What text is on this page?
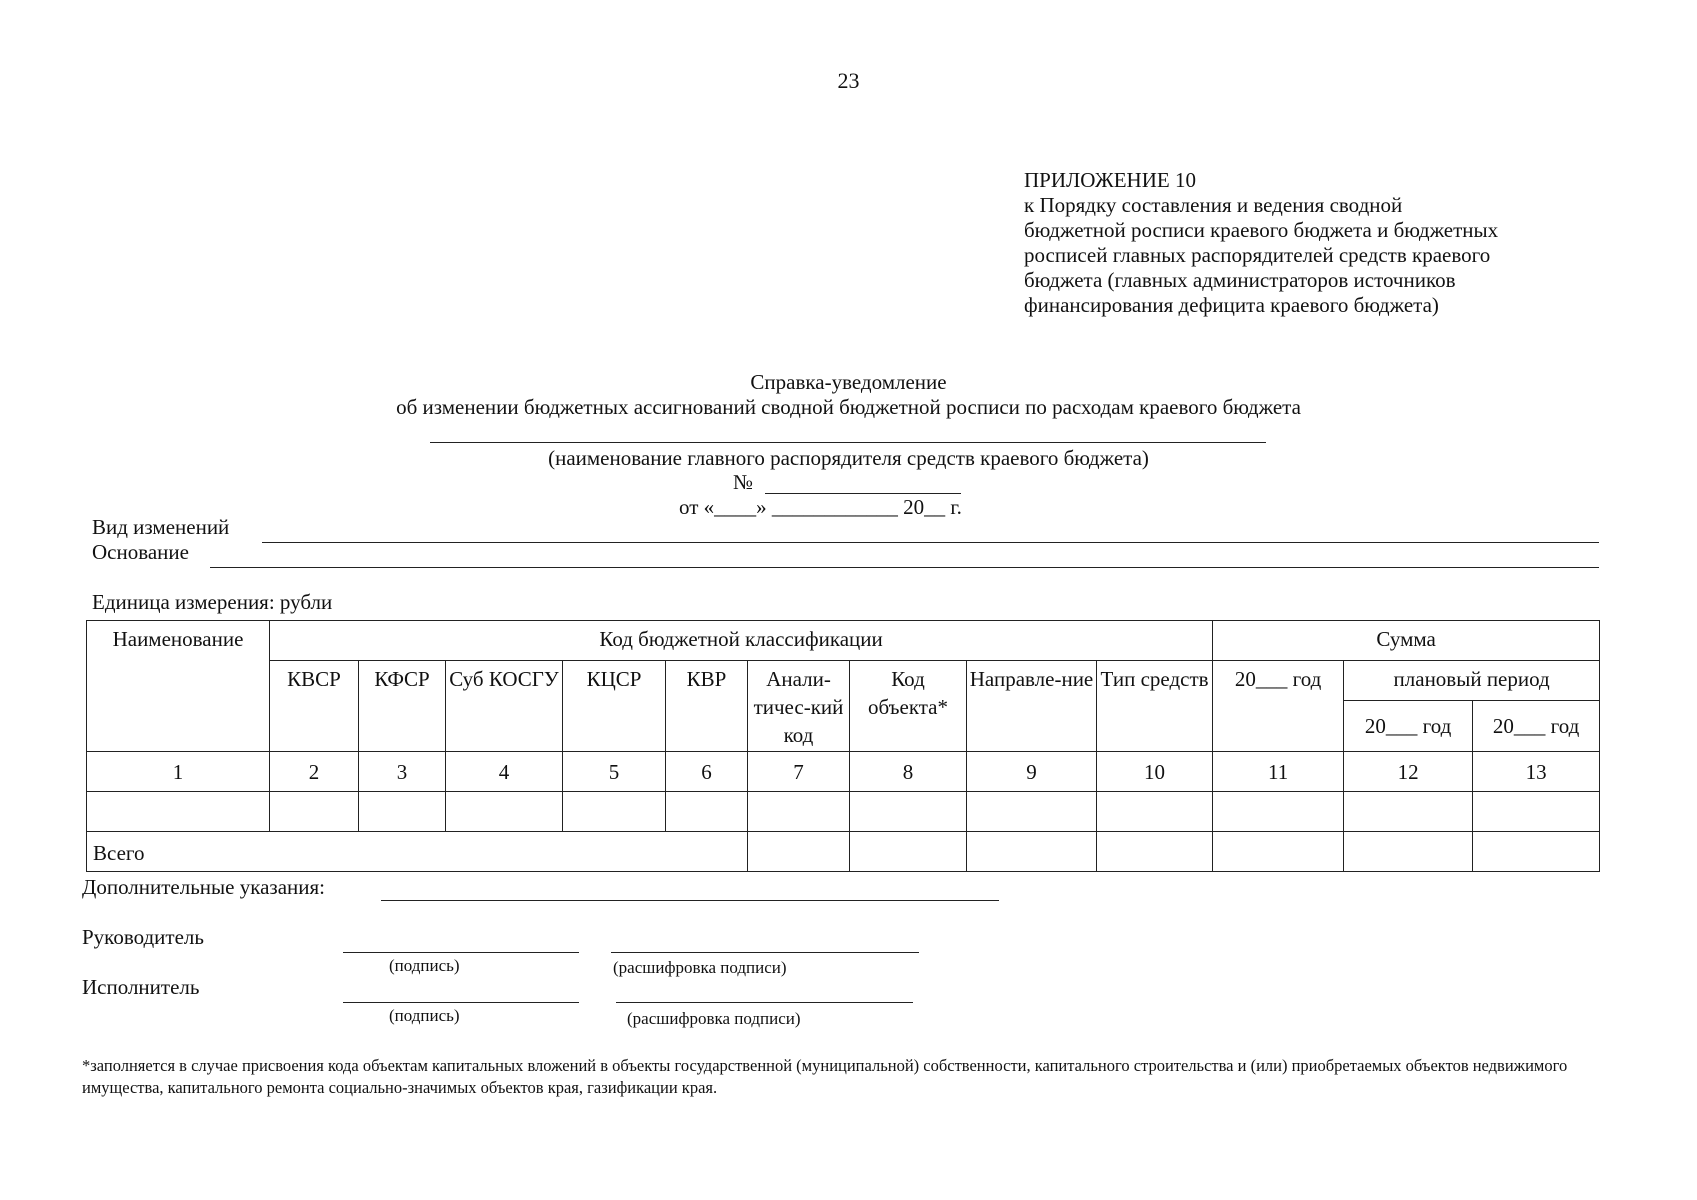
23
ПРИЛОЖЕНИЕ 10
к Порядку составления и ведения сводной
бюджетной росписи краевого бюджета и бюджетных
росписей главных распорядителей средств краевого
бюджета (главных администраторов источников
финансирования дефицита краевого бюджета)
Справка-уведомление
об изменении бюджетных ассигнований сводной бюджетной росписи по расходам краевого бюджета
(наименование главного распорядителя средств краевого бюджета)
№
от «____» ____________ 20__ г.
Вид изменений
Основание
Единица измерения: рубли
Наименование	Код бюджетной классификации									Сумма		
	КВСР	КФСР	Суб КОСГУ	КЦСР	КВР	Анали-тичес-кий код	Код объекта*	Направле-ние	Тип средств	20___ год	плановый период	
											20___ год	20___ год
1	2	3	4	5	6	7	8	9	10	11	12	13

Всего												
Дополнительные указания:
Руководитель
(подпись)	(расшифровка подписи)
Исполнитель
(подпись)	(расшифровка подписи)
*заполняется в случае присвоения кода объектам капитальных вложений в объекты государственной (муниципальной) собственности, капитального строительства и (или) приобретаемых объектов недвижимого имущества, капитального ремонта социально-значимых объектов края, газификации края.
